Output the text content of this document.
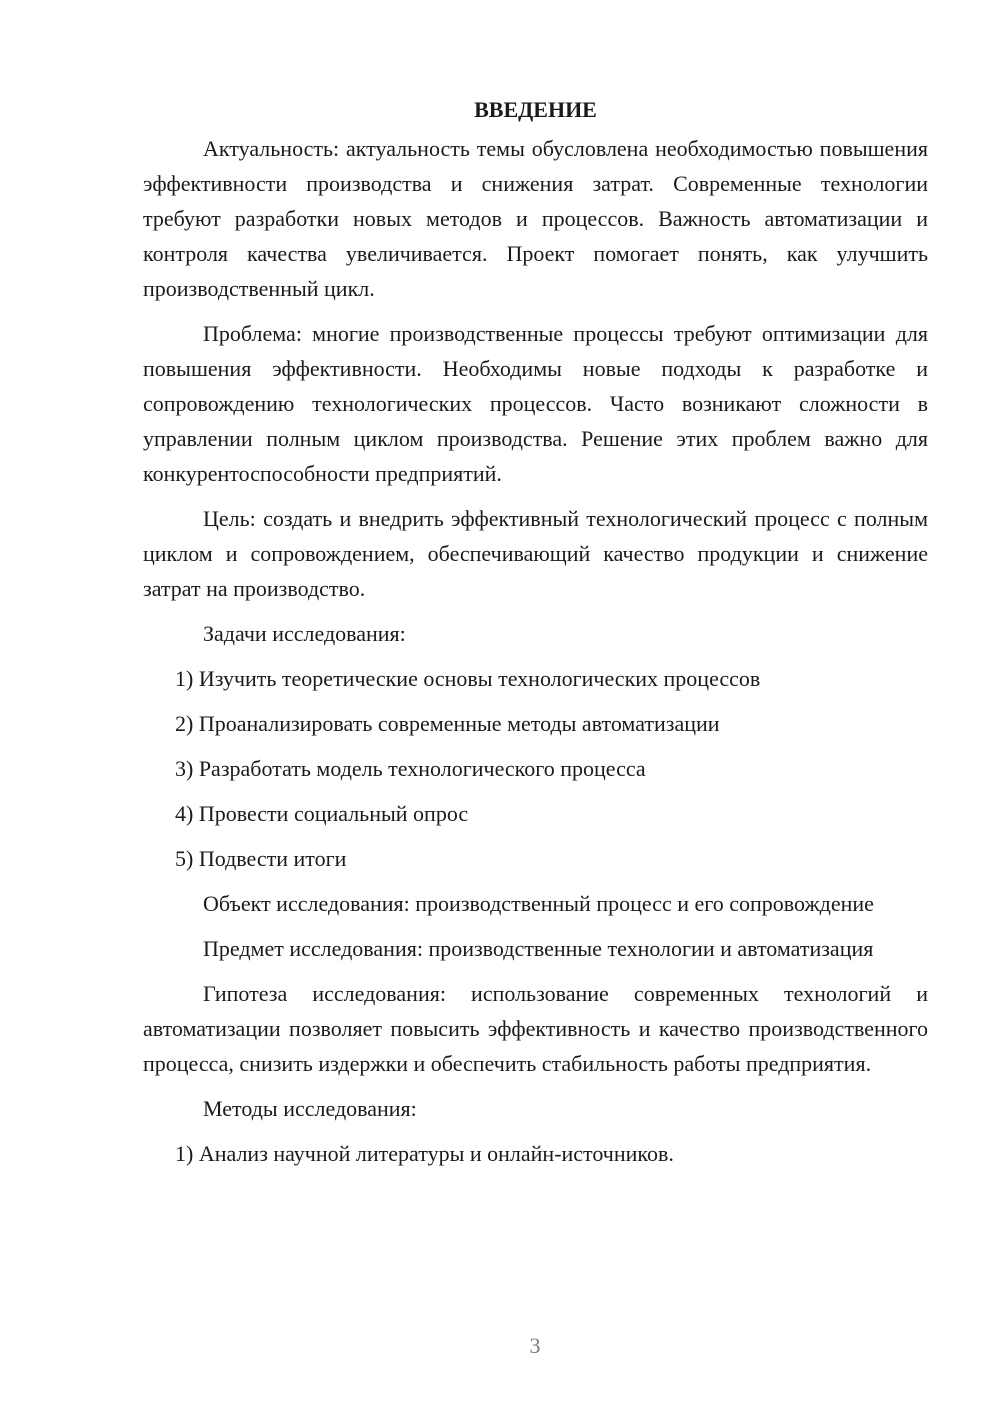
ВВЕДЕНИЕ

Актуальность: актуальность темы обусловлена необходимостью повышения эффективности производства и снижения затрат. Современные технологии требуют разработки новых методов и процессов. Важность автоматизации и контроля качества увеличивается. Проект помогает понять, как улучшить производственный цикл.

Проблема: многие производственные процессы требуют оптимизации для повышения эффективности. Необходимы новые подходы к разработке и сопровождению технологических процессов. Часто возникают сложности в управлении полным циклом производства. Решение этих проблем важно для конкурентоспособности предприятий.

Цель: создать и внедрить эффективный технологический процесс с полным циклом и сопровождением, обеспечивающий качество продукции и снижение затрат на производство.

Задачи исследования:

1) Изучить теоретические основы технологических процессов
2) Проанализировать современные методы автоматизации
3) Разработать модель технологического процесса
4) Провести социальный опрос
5) Подвести итоги

Объект исследования: производственный процесс и его сопровождение

Предмет исследования: производственные технологии и автоматизация

Гипотеза исследования: использование современных технологий и автоматизации позволяет повысить эффективность и качество производственного процесса, снизить издержки и обеспечить стабильность работы предприятия.

Методы исследования:

1) Анализ научной литературы и онлайн-источников.
3
